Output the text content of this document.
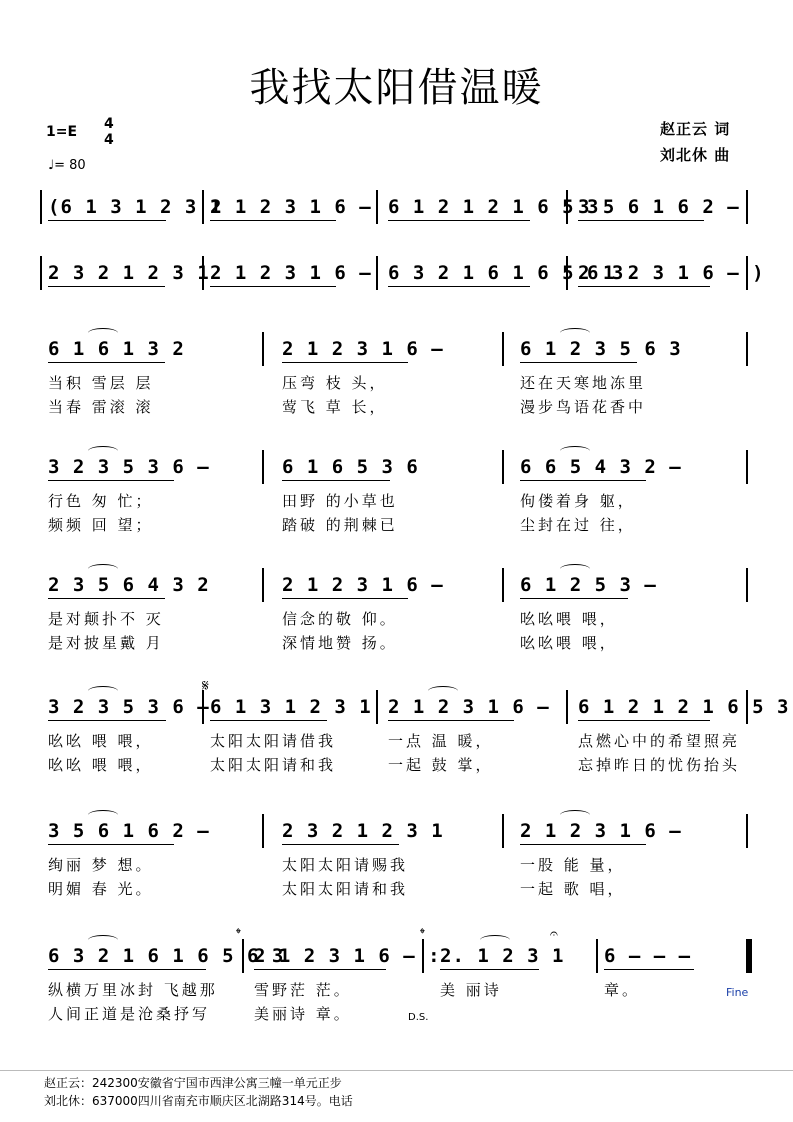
我找太阳借温暖
1=E 4
4
♩= 80
赵正云 词
刘北休 曲
(6 1 3 1 2 3 1
2 1 2 3 1 6 – 6 1 2 1 2 1 6 5 3
3 5 6 1 6 2 –
2 3 2 1 2 3 1 2 1 2 3 1 6 – 6 3 2 1 6 1 6 5 6 3
2 1 2 3 1 6 – )
6 1 6 1 3 2
当积 雪层 层
当春 雷滚 滚
2 1 2 3 1 6 –
压弯 枝 头，
莺飞 草 长，
6 1 2 3 5 6 3
还在天寒地冻里
漫步鸟语花香中
3 2 3 5 3 6 –
行色 匆 忙；
频频 回 望；
6 1 6 5 3 6
田野 的小草也
踏破 的荆棘已
6 6 5 4 3 2 –
佝偻着身 躯，
尘封在过 往，
2 3 5 6 4 3 2
是对颠扑不 灭
是对披星戴 月
2 1 2 3 1 6 –
信念的敬 仰。
深情地赞 扬。
6 1 2 5 3 –
吆吆喂 喂，
吆吆喂 喂，
3 2 3 5 3 6 –
吆吆 喂 喂，
吆吆 喂 喂，
6 1 3 1 2 3 1
太阳太阳请借我
太阳太阳请和我
2 1 2 3 1 6 –
一点 温 暖，
一起 鼓 掌，
6 1 2 1 2 1 6 5 3
点燃心中的希望照亮
忘掉昨日的忧伤抬头
3 5 6 1 6 2 –
绚丽 梦 想。
明媚 春 光。
2 3 2 1 2 3 1
太阳太阳请赐我
太阳太阳请和我
2 1 2 3 1 6 –
一股 能 量，
一起 歌 唱，
6 3 2 1 6 1 6 5 6 3
纵横万里冰封 飞越那
人间正道是沧桑抒写
2 1 2 3 1 6 – :
雪野茫 茫。
美丽诗 章。
2. 1 2 3 1
美 丽诗
6 – – –
章。
𝄋
𝄌	𝄌	𝄐
Fine
D.S.
赵正云：242300安徽省宁国市西津公寓三幢一单元正步
刘北休：637000四川省南充市顺庆区北湖路314号。电话
